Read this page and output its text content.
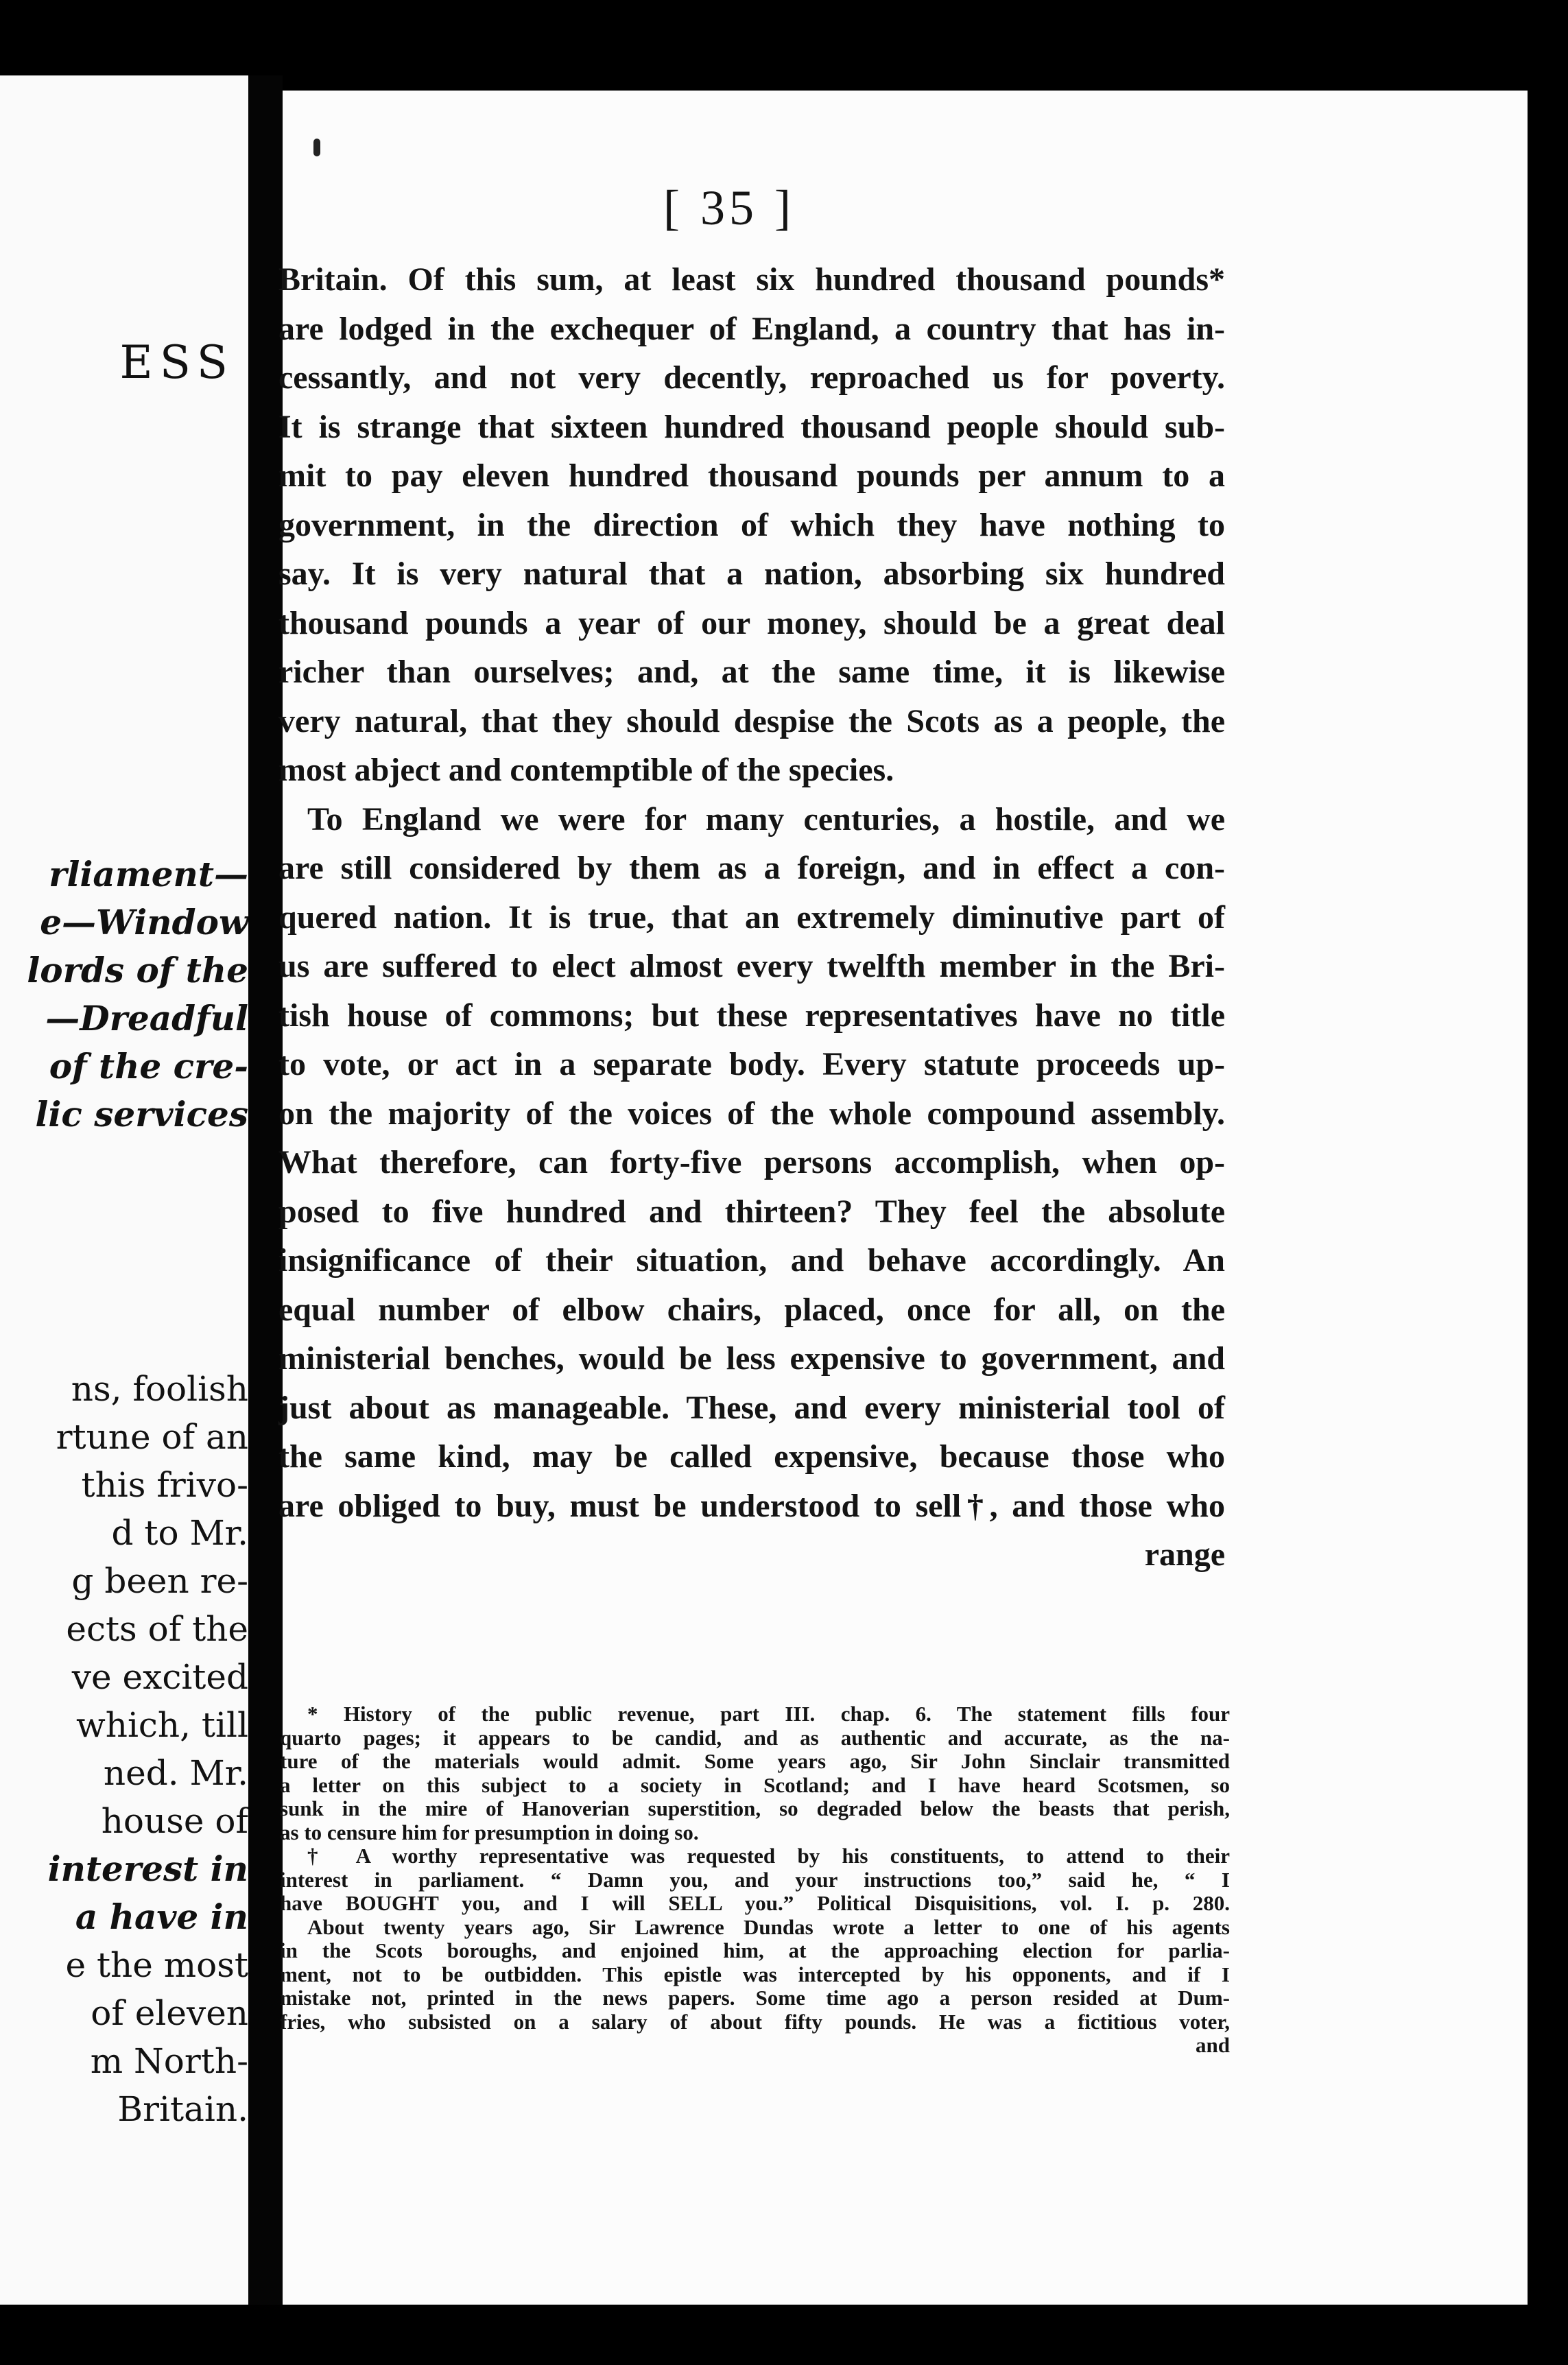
ESS
rliament—
e—Window
lords of the
—Dreadful
of the cre-
lic services
ns, foolish
rtune of an
this frivo-
d to Mr.
g been re-
ects of the
ve excited
which, till
ned. Mr.
house of
interest in
a have in
e the most
of eleven
m North-
Britain.
[ 35 ]
Britain. Of this sum, at least six hundred thousand pounds*
are lodged in the exchequer of England, a country that has in-
cessantly, and not very decently, reproached us for poverty.
It is strange that sixteen hundred thousand people should sub-
mit to pay eleven hundred thousand pounds per annum to a
government, in the direction of which they have nothing to
say. It is very natural that a nation, absorbing six hundred
thousand pounds a year of our money, should be a great deal
richer than ourselves; and, at the same time, it is likewise
very natural, that they should despise the Scots as a people, the
most abject and contemptible of the species.
To England we were for many centuries, a hostile, and we
are still considered by them as a foreign, and in effect a con-
quered nation. It is true, that an extremely diminutive part of
us are suffered to elect almost every twelfth member in the Bri-
tish house of commons; but these representatives have no title
to vote, or act in a separate body. Every statute proceeds up-
on the majority of the voices of the whole compound assembly.
What therefore, can forty-five persons accomplish, when op-
posed to five hundred and thirteen? They feel the absolute
insignificance of their situation, and behave accordingly. An
equal number of elbow chairs, placed, once for all, on the
ministerial benches, would be less expensive to government, and
just about as manageable. These, and every ministerial tool of
the same kind, may be called expensive, because those who
are obliged to buy, must be understood to sell†, and those who
range
* History of the public revenue, part III. chap. 6. The statement fills four
quarto pages; it appears to be candid, and as authentic and accurate, as the na-
ture of the materials would admit. Some years ago, Sir John Sinclair transmitted
a letter on this subject to a society in Scotland; and I have heard Scotsmen, so
sunk in the mire of Hanoverian superstition, so degraded below the beasts that perish,
as to censure him for presumption in doing so.
† A worthy representative was requested by his constituents, to attend to their
interest in parliament. “ Damn you, and your instructions too,” said he, “ I
have BOUGHT you, and I will SELL you.” Political Disquisitions, vol. I. p. 280.
About twenty years ago, Sir Lawrence Dundas wrote a letter to one of his agents
in the Scots boroughs, and enjoined him, at the approaching election for parlia-
ment, not to be outbidden. This epistle was intercepted by his opponents, and if I
mistake not, printed in the news papers. Some time ago a person resided at Dum-
fries, who subsisted on a salary of about fifty pounds. He was a fictitious voter,
and
